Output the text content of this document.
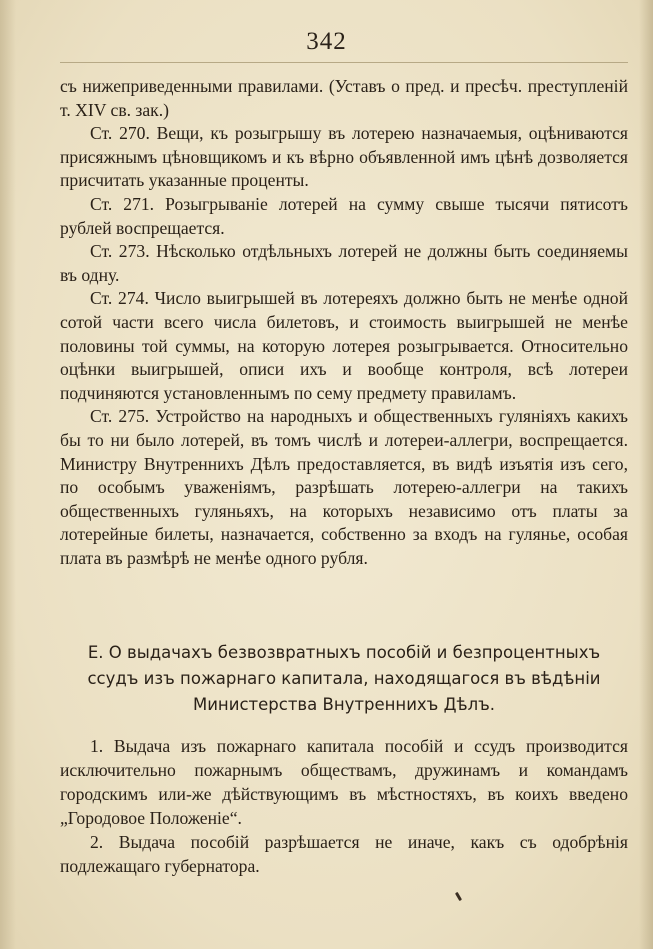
342

съ нижеприведенными правилами. (Уставъ о пред. и пресѣч. преступленій т. XIV св. зак.)

Ст. 270. Вещи, къ розыгрышу въ лотерею назначаемыя, оцѣниваются присяжнымъ цѣновщикомъ и къ вѣрно объявленной имъ цѣнѣ дозволяется присчитать указанные проценты.

Ст. 271. Розыгрываніе лотерей на сумму свыше тысячи пятисотъ рублей воспрещается.

Ст. 273. Нѣсколько отдѣльныхъ лотерей не должны быть соединяемы въ одну.

Ст. 274. Число выигрышей въ лотереяхъ должно быть не менѣе одной сотой части всего числа билетовъ, и стоимость выигрышей не менѣе половины той суммы, на которую лотерея розыгрывается. Относительно оцѣнки выигрышей, описи ихъ и вообще контроля, всѣ лотереи подчиняются установленнымъ по сему предмету правиламъ.

Ст. 275. Устройство на народныхъ и общественныхъ гуляніяхъ какихъ бы то ни было лотерей, въ томъ числѣ и лотереи-аллегри, воспрещается. Министру Внутреннихъ Дѣлъ предоставляется, въ видѣ изъятія изъ сего, по особымъ уваженіямъ, разрѣшать лотерею-аллегри на такихъ общественныхъ гуляньяхъ, на которыхъ независимо отъ платы за лотерейные билеты, назначается, собственно за входъ на гулянье, особая плата въ размѣрѣ не менѣе одного рубля.

Е. О выдачахъ безвозвратныхъ пособій и безпроцентныхъ ссудъ изъ пожарнаго капитала, находящагося въ вѣдѣніи Министерства Внутреннихъ Дѣлъ.

1. Выдача изъ пожарнаго капитала пособій и ссудъ производится исключительно пожарнымъ обществамъ, дружинамъ и командамъ городскимъ или-же дѣйствующимъ въ мѣстностяхъ, въ коихъ введено „Городовое Положеніе“.

2. Выдача пособій разрѣшается не иначе, какъ съ одобрѣнія подлежащаго губернатора.
